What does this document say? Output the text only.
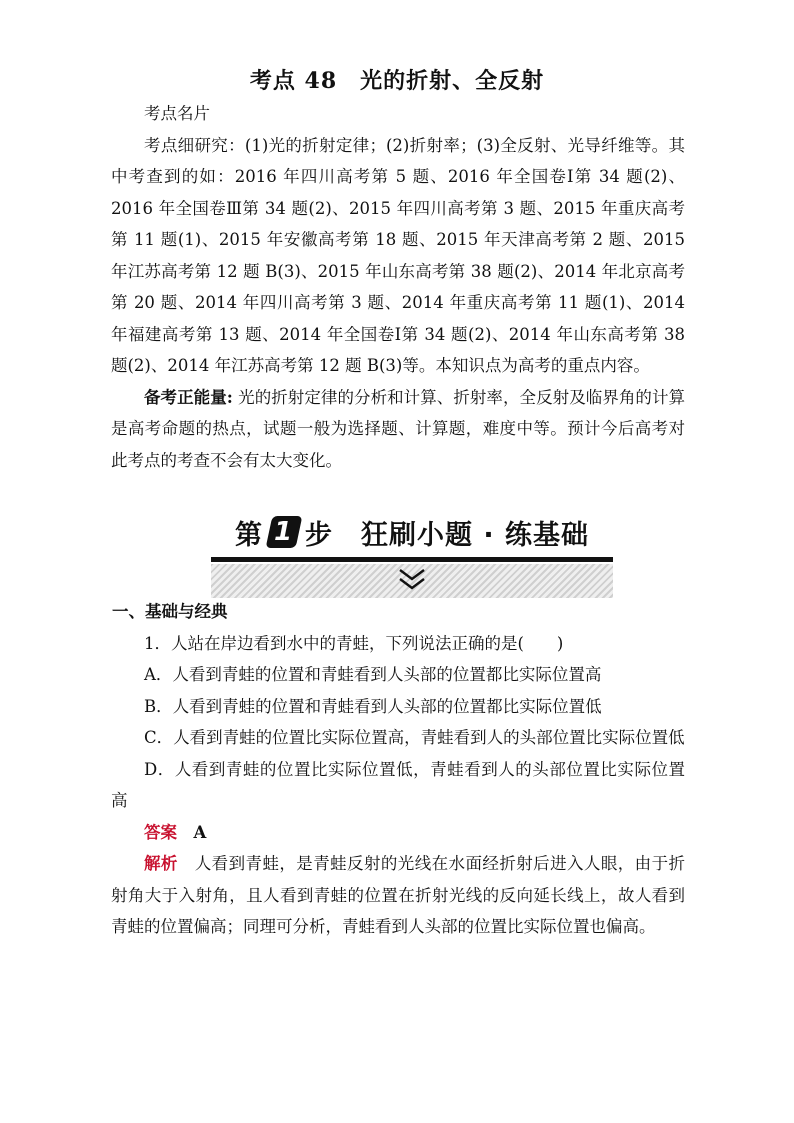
考点 48　光的折射、全反射

考点名片

考点细研究：(1)光的折射定律；(2)折射率；(3)全反射、光导纤维等。其中考查到的如：2016 年四川高考第 5 题、2016 年全国卷Ⅰ第 34 题(2)、2016 年全国卷Ⅲ第 34 题(2)、2015 年四川高考第 3 题、2015 年重庆高考第 11 题(1)、2015 年安徽高考第 18 题、2015 年天津高考第 2 题、2015 年江苏高考第 12 题 B(3)、2015 年山东高考第 38 题(2)、2014 年北京高考第 20 题、2014 年四川高考第 3 题、2014 年重庆高考第 11 题(1)、2014 年福建高考第 13 题、2014 年全国卷Ⅰ第 34 题(2)、2014 年山东高考第 38 题(2)、2014 年江苏高考第 12 题 B(3)等。本知识点为高考的重点内容。

备考正能量: 光的折射定律的分析和计算、折射率，全反射及临界角的计算是高考命题的热点，试题一般为选择题、计算题，难度中等。预计今后高考对此考点的考查不会有太大变化。

第 1 步　狂刷小题 · 练基础

一、基础与经典

1．人站在岸边看到水中的青蛙，下列说法正确的是(　　)

A．人看到青蛙的位置和青蛙看到人头部的位置都比实际位置高

B．人看到青蛙的位置和青蛙看到人头部的位置都比实际位置低

C．人看到青蛙的位置比实际位置高，青蛙看到人的头部位置比实际位置低

D．人看到青蛙的位置比实际位置低，青蛙看到人的头部位置比实际位置高

答案　 A

解析　 人看到青蛙，是青蛙反射的光线在水面经折射后进入人眼，由于折射角大于入射角，且人看到青蛙的位置在折射光线的反向延长线上，故人看到青蛙的位置偏高；同理可分析，青蛙看到人头部的位置比实际位置也偏高。
